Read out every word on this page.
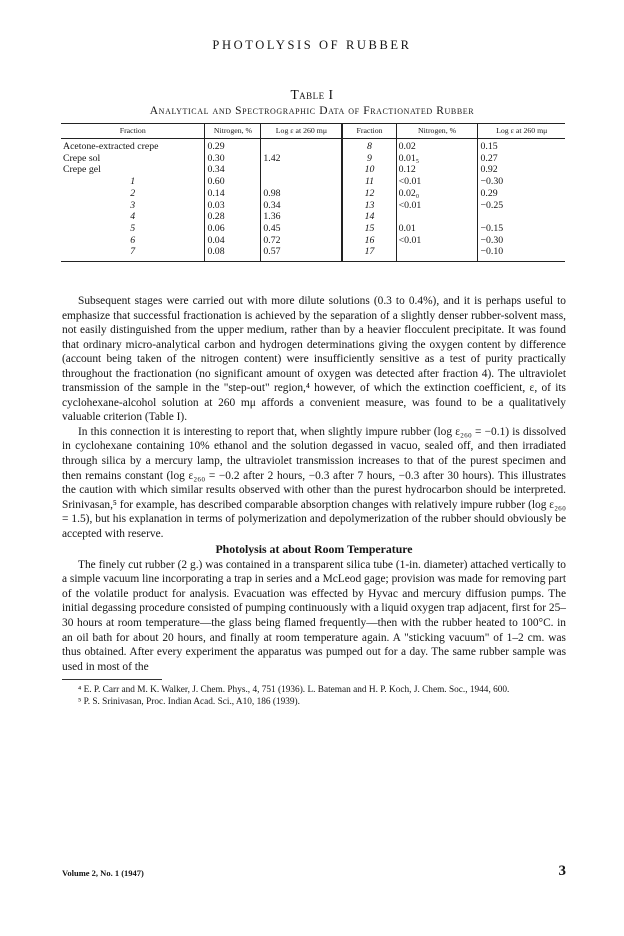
PHOTOLYSIS OF RUBBER
Table I
Analytical and Spectrographic Data of Fractionated Rubber
Fraction	Nitrogen, %	Log ε at 260 mμ	Fraction	Nitrogen, %	Log ε at 260 mμ
Acetone-extracted crepe	0.29		8	0.02	0.15
Crepe sol	0.30	1.42	9	0.01₅	0.27
Crepe gel	0.34		10	0.12	0.92
1	0.60		11	<0.01	−0.30
2	0.14	0.98	12	0.02₀	0.29
3	0.03	0.34	13	<0.01	−0.25
4	0.28	1.36	14		
5	0.06	0.45	15	0.01	−0.15
6	0.04	0.72	16	<0.01	−0.30
7	0.08	0.57	17		−0.10

Subsequent stages were carried out with more dilute solutions (0.3 to 0.4%), and it is perhaps useful to emphasize that successful fractionation is achieved by the separation of a slightly denser rubber-solvent mass, not easily distinguished from the upper medium, rather than by a heavier flocculent precipitate. It was found that ordinary micro-analytical carbon and hydrogen determinations giving the oxygen content by difference (account being taken of the nitrogen content) were insufficiently sensitive as a test of purity practically throughout the fractionation (no significant amount of oxygen was detected after fraction 4). The ultraviolet transmission of the sample in the "step-out" region,⁴ however, of which the extinction coefficient, ε, of its cyclohexane-alcohol solution at 260 mμ affords a convenient measure, was found to be a qualitatively valuable criterion (Table I).

In this connection it is interesting to report that, when slightly impure rubber (log ε₂₆₀ = −0.1) is dissolved in cyclohexane containing 10% ethanol and the solution degassed in vacuo, sealed off, and then irradiated through silica by a mercury lamp, the ultraviolet transmission increases to that of the purest specimen and then remains constant (log ε₂₆₀ = −0.2 after 2 hours, −0.3 after 7 hours, −0.3 after 30 hours). This illustrates the caution with which similar results observed with other than the purest hydrocarbon should be interpreted. Srinivasan,⁵ for example, has described comparable absorption changes with relatively impure rubber (log ε₂₆₀ = 1.5), but his explanation in terms of polymerization and depolymerization of the rubber should obviously be accepted with reserve.

Photolysis at about Room Temperature

The finely cut rubber (2 g.) was contained in a transparent silica tube (1-in. diameter) attached vertically to a simple vacuum line incorporating a trap in series and a McLeod gage; provision was made for removing part of the volatile product for analysis. Evacuation was effected by Hyvac and mercury diffusion pumps. The initial degassing procedure consisted of pumping continuously with a liquid oxygen trap adjacent, first for 25–30 hours at room temperature—the glass being flamed frequently—then with the rubber heated to 100°C. in an oil bath for about 20 hours, and finally at room temperature again. A "sticking vacuum" of 1–2 cm. was thus obtained. After every experiment the apparatus was pumped out for a day. The same rubber sample was used in most of the

⁴ E. P. Carr and M. K. Walker, J. Chem. Phys., 4, 751 (1936). L. Bateman and H. P. Koch, J. Chem. Soc., 1944, 600.

⁵ P. S. Srinivasan, Proc. Indian Acad. Sci., A10, 186 (1939).

Volume 2, No. 1 (1947)	3
